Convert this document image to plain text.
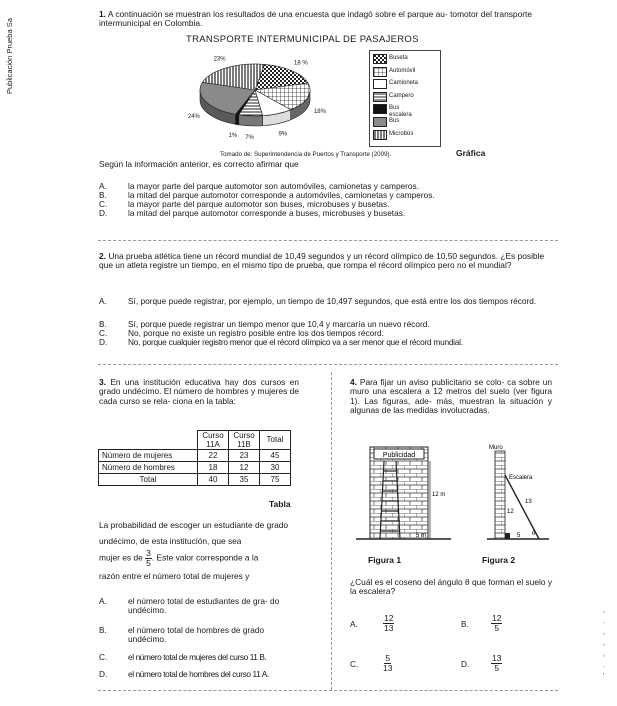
Publicación Prueba Sa
,
.
,
,
,
.
'
1. A continuación se muestran los resultados de una encuesta que indagó sobre el parque au- tomotor del transporte intermunicipal en Colombia.
TRANSPORTE INTERMUNICIPAL DE PASAJEROS
18 %
18%
9%
7%
1%
24%
23%	Buseta
Automóvil
Camioneta
Campero
Bus escalera
Bus
Microbús
Tomado de: Superintendencia de Puertos y Transporte (2009).	Gráfica
Según la información anterior, es correcto afirmar que
A.	la mayor parte del parque automotor son automóviles, camionetas y camperos.
B.	la mitad del parque automotor corresponde a automóviles, camionetas y camperos.
C. la mayor parte del parque automotor son buses, microbuses y busetas.
D. la mitad del parque automotor corresponde a buses, microbuses y busetas.
2. Una prueba atlética tiene un récord mundial de 10,49 segundos y un récord olímpico de 10,50 segundos. ¿Es posible que un atleta registre un tiempo, en el mismo tipo de prueba, que rompa el récord olímpico pero no el mundial?
A.	Sí, porque puede registrar, por ejemplo, un tiempo de 10,497 segundos, que está entre los dos tiempos récord.
B.	Sí, porque puede registrar un tiempo menor que 10,4 y marcaría un nuevo récord.
C. No, porque no existe un registro posible entre los dos tiempos récord.
D. No, porque cualquier registro menor que el récord olímpico va a ser menor que el récord mundial.
3. En una institución educativa hay dos cursos en grado undécimo. El número de hombres y mujeres de cada curso se rela- ciona en la tabla:
	Curso 11A	Curso 11B	Total
Número de mujeres	22	23	45
Número de hombres	18	12	30
Total	40	35	75
Tabla
La probabilidad de escoger un estudiante de grado undécimo, de esta institución, que sea
mujer es de $\frac{3}{5}$ . Este valor corresponde a la
razón entre el número total de mujeres y
A.	el número total de estudiantes de gra- do undécimo.
B.	el número total de hombres de grado undécimo.
C. el número total de mujeres del curso 11 B.
D. el número total de hombres del curso 11 A.
4. Para fijar un aviso publicitario se colo- ca sobre un muro una escalera a 12 metros del suelo (ver figura 1). Las figuras, ade- más, muestran la situación y algunas de las medidas involucradas.
Publicidad
12 m
5 m
Figura 1
Muro
Escalera
13
12
5 θ
Figura 2
¿Cuál es el coseno del ángulo θ que forman el suelo y la escalera?
A.	$\frac{12}{13}$	B.	$\frac{12}{5}$
C.	$\frac{5}{13}$	D.	$\frac{13}{5}$
